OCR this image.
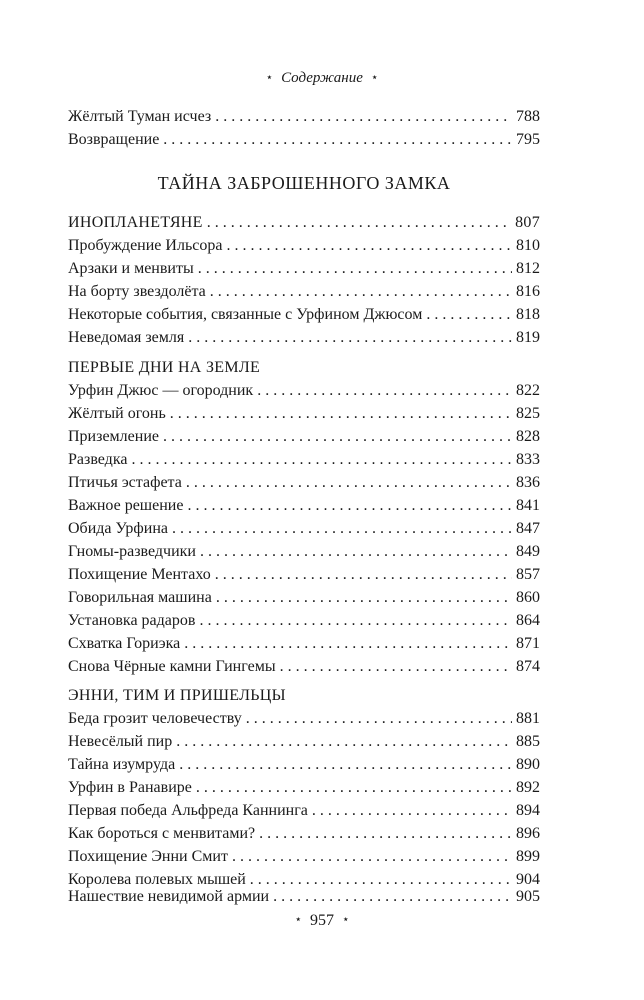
⋆ Содержание ⋆
Жёлтый Туман исчез . . .	788
Возвращение . . .	795
ТАЙНА ЗАБРОШЕННОГО ЗАМКА
ИНОПЛАНЕТЯНЕ . . .	807
Пробуждение Ильсора . . .	810
Арзаки и менвиты . . .	812
На борту звездолёта . . .	816
Некоторые события, связанные с Урфином Джюсом . . .	818
Неведомая земля . . .	819
ПЕРВЫЕ ДНИ НА ЗЕМЛЕ
Урфин Джюс — огородник . . .	822
Жёлтый огонь . . .	825
Приземление . . .	828
Разведка . . .	833
Птичья эстафета . . .	836
Важное решение . . .	841
Обида Урфина . . .	847
Гномы-разведчики . . .	849
Похищение Ментахо . . .	857
Говорильная машина . . .	860
Установка радаров . . .	864
Схватка Гориэка . . .	871
Снова Чёрные камни Гингемы . . .	874
ЭННИ, ТИМ И ПРИШЕЛЬЦЫ
Беда грозит человечеству . . .	881
Невесёлый пир . . .	885
Тайна изумруда . . .	890
Урфин в Ранавире . . .	892
Первая победа Альфреда Каннинга . . .	894
Как бороться с менвитами? . . .	896
Похищение Энни Смит . . .	899
Королева полевых мышей . . .	904
Нашествие невидимой армии . . .	905
⋆ 957 ⋆
